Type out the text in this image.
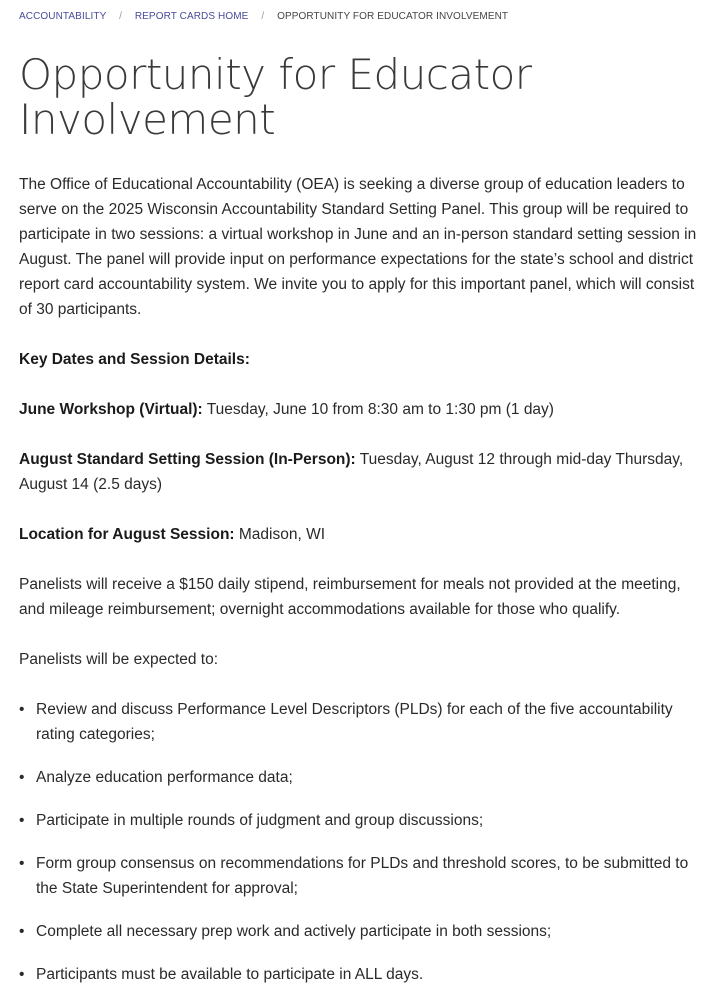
ACCOUNTABILITY / REPORT CARDS HOME / OPPORTUNITY FOR EDUCATOR INVOLVEMENT
Opportunity for Educator Involvement

The Office of Educational Accountability (OEA) is seeking a diverse group of education leaders to serve on the 2025 Wisconsin Accountability Standard Setting Panel. This group will be required to participate in two sessions: a virtual workshop in June and an in-person standard setting session in August. The panel will provide input on performance expectations for the state’s school and district report card accountability system. We invite you to apply for this important panel, which will consist of 30 participants.

Key Dates and Session Details:

June Workshop (Virtual): Tuesday, June 10 from 8:30 am to 1:30 pm (1 day)

August Standard Setting Session (In-Person): Tuesday, August 12 through mid-day Thursday, August 14 (2.5 days)

Location for August Session: Madison, WI

Panelists will receive a $150 daily stipend, reimbursement for meals not provided at the meeting, and mileage reimbursement; overnight accommodations available for those who qualify.

Panelists will be expected to:

• Review and discuss Performance Level Descriptors (PLDs) for each of the five accountability rating categories;
• Analyze education performance data;
• Participate in multiple rounds of judgment and group discussions;
• Form group consensus on recommendations for PLDs and threshold scores, to be submitted to the State Superintendent for approval;
• Complete all necessary prep work and actively participate in both sessions;
• Participants must be available to participate in ALL days.
